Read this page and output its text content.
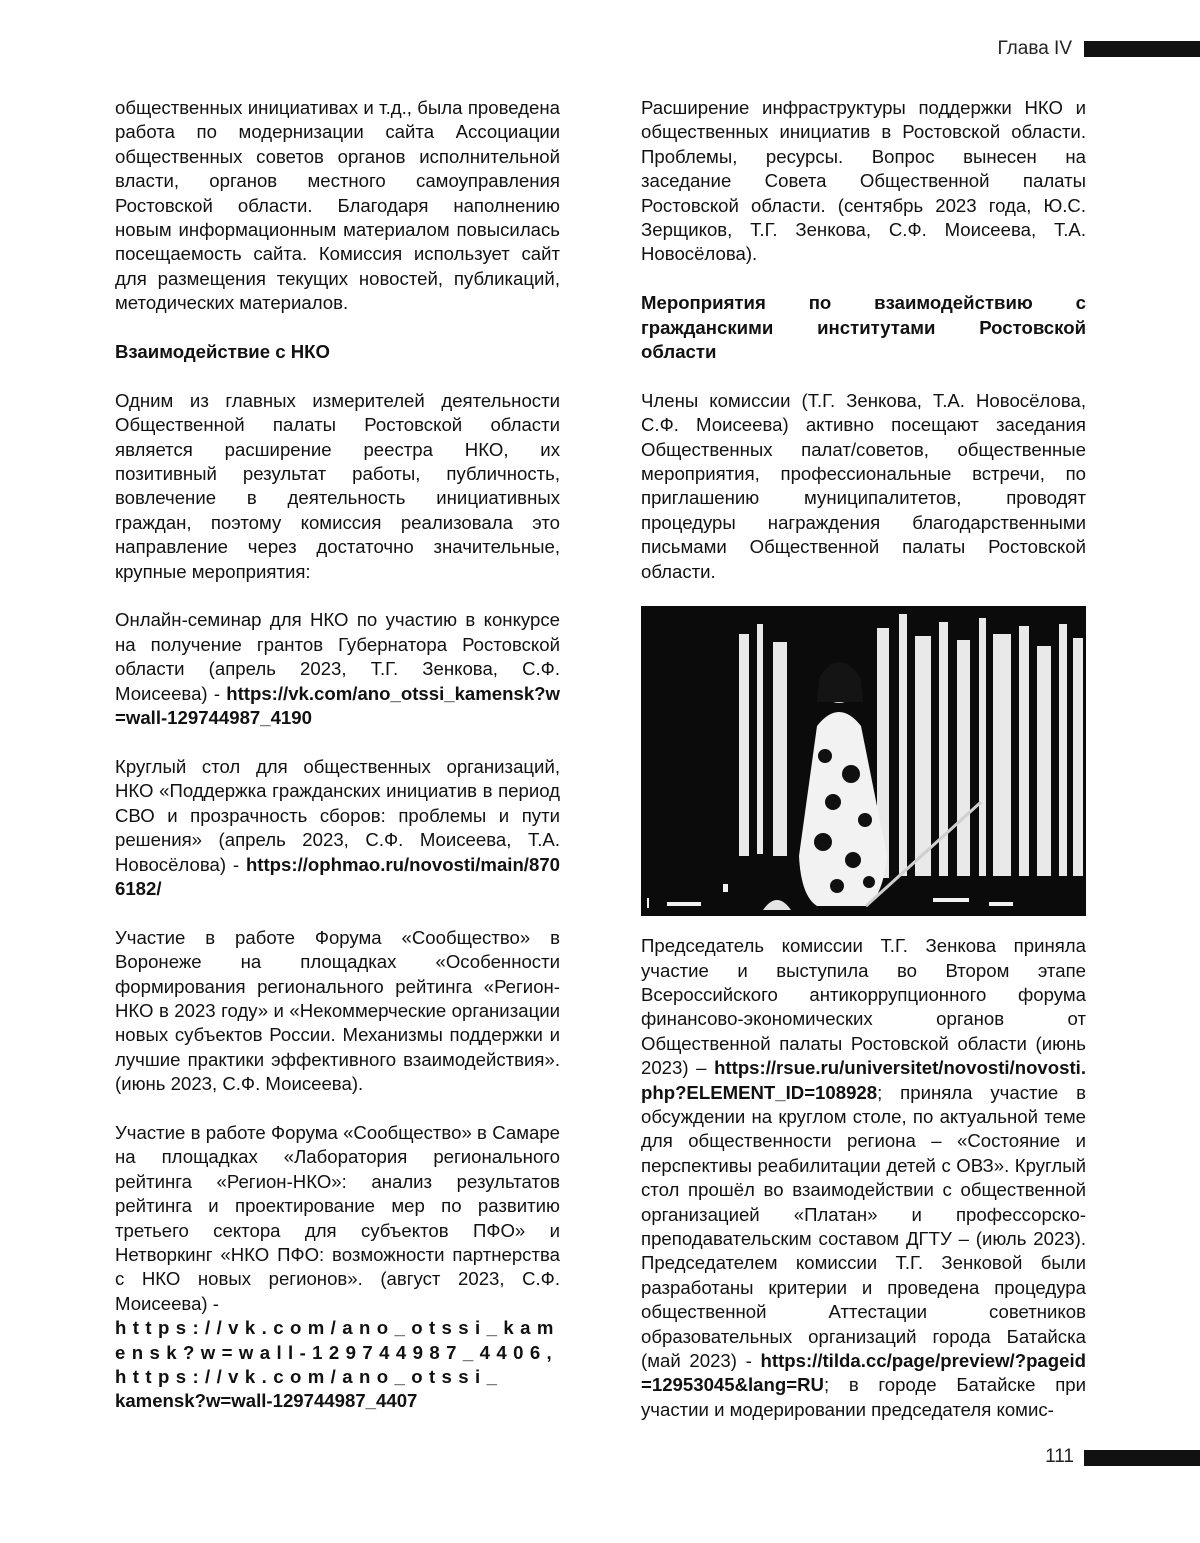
Глава IV

общественных инициативах и т.д., была проведена работа по модернизации сайта Ассоциации общественных советов органов исполнительной власти, органов местного самоуправления Ростовской области. Благодаря наполнению новым информационным материалом повысилась посещаемость сайта. Комиссия использует сайт для размещения текущих новостей, публикаций, методических материалов.

Взаимодействие с НКО

Одним из главных измерителей деятельности Общественной палаты Ростовской области является расширение реестра НКО, их позитивный результат работы, публичность, вовлечение в деятельность инициативных граждан, поэтому комиссия реализовала это направление через достаточно значительные, крупные мероприятия:

Онлайн-семинар для НКО по участию в конкурсе на получение грантов Губернатора Ростовской области (апрель 2023, Т.Г. Зенкова, С.Ф. Моисеева) - https://vk.com/ano_otssi_kamensk?w=wall-129744987_4190

Круглый стол для общественных организаций, НКО «Поддержка гражданских инициатив в период СВО и прозрачность сборов: проблемы и пути решения» (апрель 2023, С.Ф. Моисеева, Т.А. Новосёлова) - https://ophmao.ru/novosti/main/8706182/

Участие в работе Форума «Сообщество» в Воронеже на площадках «Особенности формирования регионального рейтинга «Регион-НКО в 2023 году» и «Некоммерческие организации новых субъектов России. Механизмы поддержки и лучшие практики эффективного взаимодействия». (июнь 2023, С.Ф. Моисеева).

Участие в работе Форума «Сообщество» в Самаре на площадках «Лаборатория регионального рейтинга «Регион-НКО»: анализ результатов рейтинга и проектирование мер по развитию третьего сектора для субъектов ПФО» и Нетворкинг «НКО ПФО: возможности партнерства с НКО новых регионов». (август 2023, С.Ф. Моисеева) -
https://vk.com/ano_otssi_kamensk?w=wall-129744987_4406,
https://vk.com/ano_otssi_
kamensk?w=wall-129744987_4407

Расширение инфраструктуры поддержки НКО и общественных инициатив в Ростовской области. Проблемы, ресурсы. Вопрос вынесен на заседание Совета Общественной палаты Ростовской области. (сентябрь 2023 года, Ю.С. Зерщиков, Т.Г. Зенкова, С.Ф. Моисеева, Т.А. Новосёлова).

Мероприятия по взаимодействию с гражданскими институтами Ростовской области

Члены комиссии (Т.Г. Зенкова, Т.А. Новосёлова, С.Ф. Моисеева) активно посещают заседания Общественных палат/советов, общественные мероприятия, профессиональные встречи, по приглашению муниципалитетов, проводят процедуры награждения благодарственными письмами Общественной палаты Ростовской области.

Председатель комиссии Т.Г. Зенкова приняла участие и выступила во Втором этапе Всероссийского антикоррупционного форума финансово-экономических органов от Общественной палаты Ростовской области (июнь 2023) – https://rsue.ru/universitet/novosti/novosti.php?ELEMENT_ID=108928; приняла участие в обсуждении на круглом столе, по актуальной теме для общественности региона – «Состояние и перспективы реабилитации детей с ОВЗ». Круглый стол прошёл во взаимодействии с общественной организацией «Платан» и профессорско-преподавательским составом ДГТУ – (июль 2023). Председателем комиссии Т.Г. Зенковой были разработаны критерии и проведена процедура общественной Аттестации советников образовательных организаций города Батайска (май 2023) - https://tilda.cc/page/preview/?pageid=12953045&lang=RU; в городе Батайске при участии и модерировании председателя комис-

111
